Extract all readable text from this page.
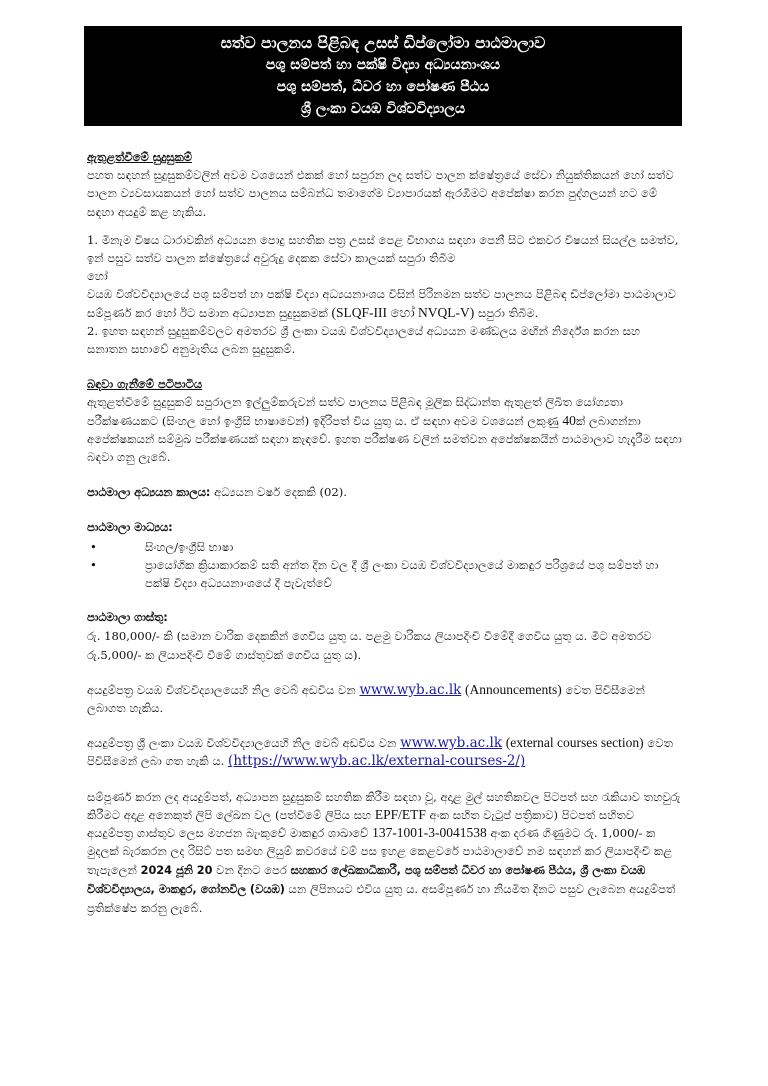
සත්ව පාලනය පිළිබඳ උසස් ඩිප්ලෝමා පාඨමාලාව
පශු සම්පත් හා පක්ෂි විද්‍යා අධ්‍යයනාංශය
පශු සම්පත්, ධීවර හා පෝෂණ පීඨය
ශ්‍රී ලංකා වයඹ විශ්වවිද්‍යාලය
ඇතුළත්වීමේ සුදුසුකම්

පහත සඳහන් සුදුසුකම්වලින් අවම වශයෙන් එකක් හෝ සපුරන ලද සත්ව පාලන ක්ෂේත්‍රයේ සේවා නියුක්තිකයන් හෝ සත්ව පාලන ව්‍යවසායකයන් හෝ සත්ව පාලනය සම්බන්ධ තමාගේම ව්‍යාපාරයක් ඇරඹීමට අපේක්ෂා කරන පුද්ගලයන් හට මේ සඳහා අයදුම් කළ හැකිය.

1. මිනැම විෂය ධාරාවකින් අධ්‍යයන පොදු සහතික පත්‍ර උසස් පෙළ විභාගය සඳහා පෙනී සිට එකවර විෂයන් සියල්ල සමත්ව, ඉන් පසුව සත්ව පාලන ක්ෂේත්‍රයේ අවුරුදු දෙකක සේවා කාලයක් සපුරා තිබීම

හෝ

වයඹ විශ්වවිද්‍යාලයේ පශු සම්පත් හා පක්ෂි විද්‍යා අධ්‍යයනාංශය විසින් පිරිනමන සත්ව පාලනය පිළිබඳ ඩිප්ලෝමා පාඨමාලාව සම්පූර්ණ කර හෝ ඊට සමාන අධ්‍යාපන සුදුසුකමක් (SLQF-III හෝ NVQL-V) සපුරා තිබීම.

2. ඉහත සඳහන් සුදුසුකම්වලට අමතරව ශ්‍රී ලංකා වයඹ විශ්වවිද්‍යාලයේ අධ්‍යයන මණ්ඩලය මඟින් නිර්දේශ කරන සහ සනාතන සභාවේ අනුමැතිය ලබන සුදුසුකම්.

බඳවා ගැනීමේ පටිපාටිය

ඇතුළත්වීමේ සුදුසුකම් සපුරාලන ඉල්ලුම්කරුවන් සත්ව පාලනය පිළිබඳ මූලික සිද්ධාන්ත ඇතුළත් ලිඛිත යෝග්‍යතා පරීක්ෂණයකට (සිංහල හෝ ඉංග්‍රීසි භාෂාවෙන්) ඉදිරිපත් විය යුතු ය. ඒ සඳහා අවම වශයෙන් ලකුණු 40ක් ලබාගන්නා අපේක්ෂකයන් සම්මුඛ පරීක්ෂණයක් සඳහා කැඳවේ. ඉහත පරීක්ෂණ වලින් සමත්වන අපේක්ෂකයින් පාඨමාලාව හැදෑරීම සඳහා බඳවා ගනු ලැබේ.

පාඨමාලා අධ්‍යයන කාලය: අධ්‍යයන වර්ෂ දෙකකි (02).

පාඨමාලා මාධ්‍යය:
•	සිංහල/ඉංග්‍රීසි භාෂා
•	ප්‍රායෝගික ක්‍රියාකාරකම් සති අන්ත දින වල දී ශ්‍රී ලංකා වයඹ විශ්වවිද්‍යාලයේ මාකඳුර පරිශ්‍රයේ පශු සම්පත් හා පක්ෂි විද්‍යා අධ්‍යයනාංශයේ දී පැවැත්වේ
පාඨමාලා ගාස්තු:

රු. 180,000/- කි (සමාන වාරික දෙකකින් ගෙවිය යුතු ය. පළමු වාරිකය ලියාපදිංචි වීමේදී ගෙවිය යුතු ය. මීට අමතරව රු.5,000/- ක ලියාපදිංචි වීමේ ගාස්තුවක් ගෙවිය යුතු ය).

අයදුම්පත්‍ර වයඹ විශ්වවිද්‍යාලයෙහි නිල වෙබ් අඩවිය වන www.wyb.ac.lk (Announcements) වෙත පිවිසීමෙන් ලබාගත හැකිය.

අයදුම්පත්‍ර ශ්‍රී ලංකා වයඹ විශ්වවිද්‍යාලයෙහි නිල වෙබ් අඩවිය වන www.wyb.ac.lk (external courses section) වෙත පිවිසීමෙන් ලබා ගත හැකි ය. (https://www.wyb.ac.lk/external-courses-2/)

සම්පූර්ණ කරන ලද අයදුම්පත්, අධ්‍යාපන සුදුසුකම් සහතික කිරීම සඳහා වූ, අදාළ මුල් සහතිකවල පිටපත් සහ රැකියාව තහවුරු කිරීමට අදාළ අනෙකුත් ලිපි ලේඛන වල (පත්වීමේ ලිපිය සහ EPF/ETF අංක සහිත වැටුප් පත්‍රිකාව) පිටපත් සහිතව අයදුම්පත්‍ර ගාස්තුව ලෙස මහජන බැංකුවේ මාකඳුර ශාඛාවේ 137-1001-3-0041538 අංක දරණ ගිණුමට රු. 1,000/- ක මුදලක් බැරකරන ලද රිසිට් පත සමඟ ලියුම් කවරයේ වම් පස ඉහළ කෙළවරේ පාඨමාලාවේ නම සඳහන් කර ලියාපදිංචි කළ තැපැලෙන් 2024 ජූනි 20 වන දිනට පෙර සහකාර ලේඛකාධිකාරී, පශු සම්පත් ධීවර හා පෝෂණ පීඨය, ශ්‍රී ලංකා වයඹ විශ්වවිද්‍යාලය, මාකඳුර, ගෝනවිල (වයඹ) යන ලිපිනයට එවිය යුතු ය. අසම්පූර්ණ හා නියමිත දිනට පසුව ලැබෙන අයදුම්පත් ප්‍රතික්ෂේප කරනු ලැබේ.
